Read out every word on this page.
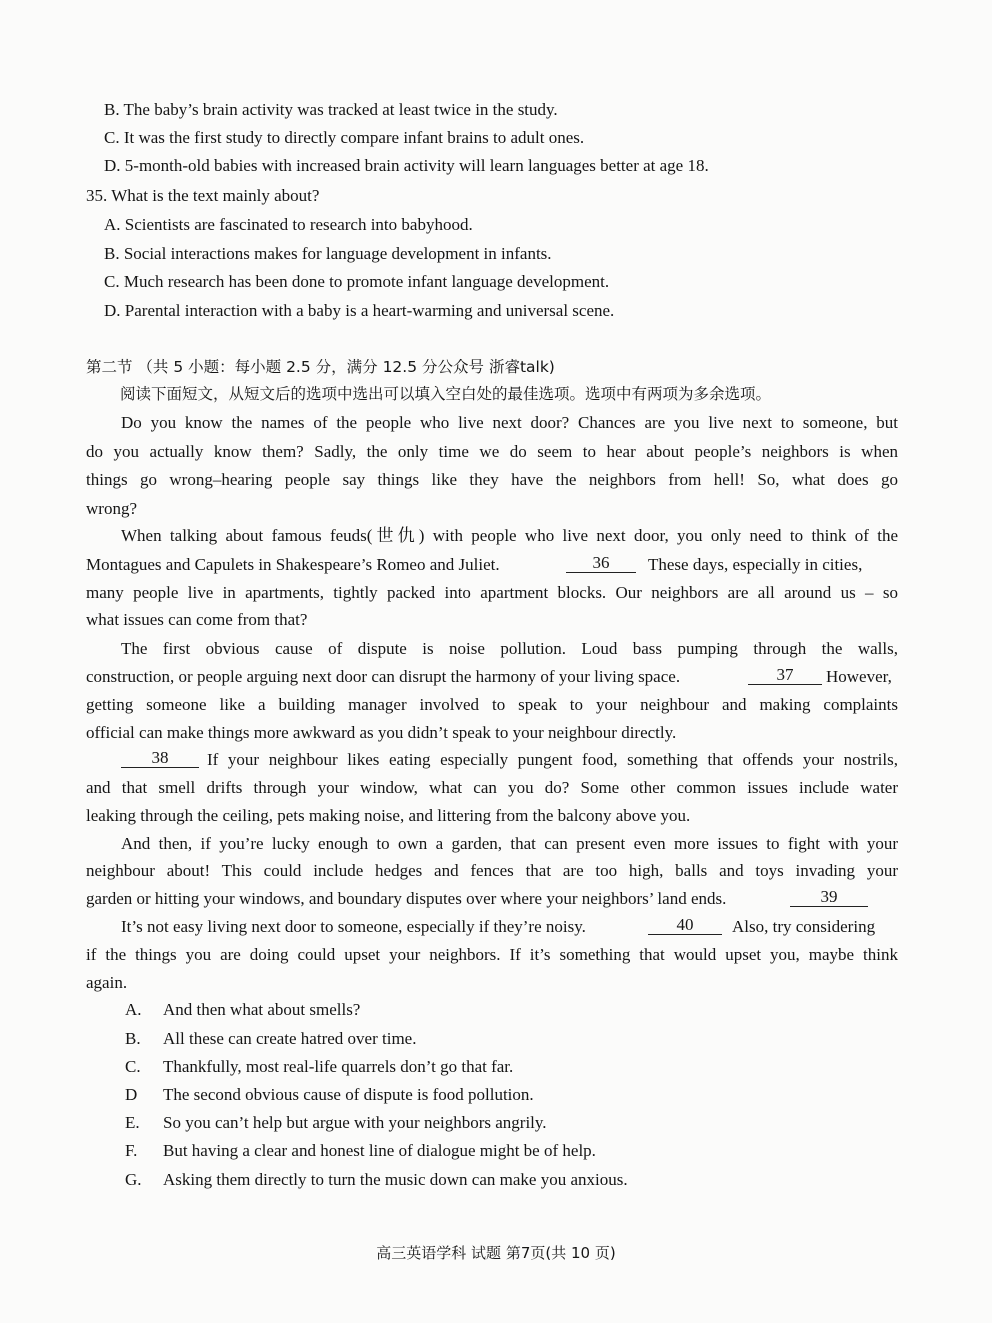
B. The baby’s brain activity was tracked at least twice in the study.
C. It was the first study to directly compare infant brains to adult ones.
D. 5-month-old babies with increased brain activity will learn languages better at age 18.
35. What is the text mainly about?
A. Scientists are fascinated to research into babyhood.
B. Social interactions makes for language development in infants.
C. Much research has been done to promote infant language development.
D. Parental interaction with a baby is a heart-warming and universal scene.
第二节 （共 5 小题：每小题 2.5 分，满分 12.5 分公众号 浙睿talk)
阅读下面短文，从短文后的选项中选出可以填入空白处的最佳选项。选项中有两项为多余选项。
Do you know the names of the people who live next door? Chances are you live next to someone, but
do you actually know them? Sadly, the only time we do seem to hear about people’s neighbors is when
things go wrong–hearing people say things like they have the neighbors from hell! So, what does go
wrong?
When talking about famous feuds(世仇) with people who live next door, you only need to think of the
Montagues and Capulets in Shakespeare’s Romeo and Juliet.	36	These days, especially in cities,
many people live in apartments, tightly packed into apartment blocks. Our neighbors are all around us – so
what issues can come from that?
The first obvious cause of dispute is noise pollution. Loud bass pumping through the walls,
construction, or people arguing next door can disrupt the harmony of your living space.	37	However,
getting someone like a building manager involved to speak to your neighbour and making complaints
official can make things more awkward as you didn’t speak to your neighbour directly.
38	If your neighbour likes eating especially pungent food, something that offends your nostrils,
and that smell drifts through your window, what can you do? Some other common issues include water
leaking through the ceiling, pets making noise, and littering from the balcony above you.
And then, if you’re lucky enough to own a garden, that can present even more issues to fight with your
neighbour about! This could include hedges and fences that are too high, balls and toys invading your
garden or hitting your windows, and boundary disputes over where your neighbors’ land ends.	39
It’s not easy living next door to someone, especially if they’re noisy.	40	Also, try considering
if the things you are doing could upset your neighbors. If it’s something that would upset you, maybe think
again.
A. And then what about smells?
B. All these can create hatred over time.
C. Thankfully, most real-life quarrels don’t go that far.
D The second obvious cause of dispute is food pollution.
E. So you can’t help but argue with your neighbors angrily.
F. But having a clear and honest line of dialogue might be of help.
G. Asking them directly to turn the music down can make you anxious.
高三英语学科 试题 第7页(共 10 页)
